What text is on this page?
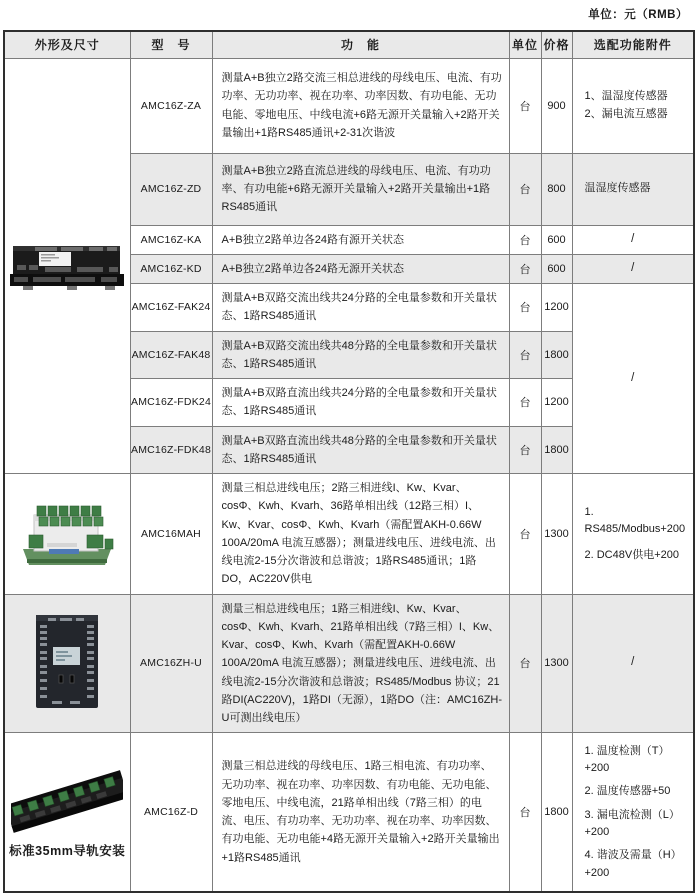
单位：元（RMB）
外形及尺寸	型　号	功　能	单位	价格	选配功能附件

	AMC16Z-ZA	测量A+B独立2路交流三相总进线的母线电压、电流、有功功率、无功功率、视在功率、功率因数、有功电能、无功电能、零地电压、中线电流+6路无源开关量输入+2路开关量输出+1路RS485通讯+2-31次谐波	台	900	1、温湿度传感器
2、漏电流互感器

	AMC16Z-ZD	测量A+B独立2路直流总进线的母线电压、电流、有功功率、有功电能+6路无源开关量输入+2路开关量输出+1路RS485通讯	台	800	温湿度传感器

	AMC16Z-KA	A+B独立2路单边各24路有源开关状态	台	600	/
	AMC16Z-KD	A+B独立2路单边各24路无源开关状态	台	600	/
	AMC16Z-FAK24	测量A+B双路交流出线共24分路的全电量参数和开关量状态、1路RS485通讯	台	1200	/
	AMC16Z-FAK48	测量A+B双路交流出线共48分路的全电量参数和开关量状态、1路RS485通讯	台	1800	
	AMC16Z-FDK24	测量A+B双路直流出线共24分路的全电量参数和开关量状态、1路RS485通讯	台	1200	
	AMC16Z-FDK48	测量A+B双路直流出线共48分路的全电量参数和开关量状态、1路RS485通讯	台	1800	

	AMC16MAH	测量三相总进线电压；2路三相进线I、Kw、Kvar、cosΦ、Kwh、Kvarh、36路单相出线（12路三相）I、Kw、Kvar、cosΦ、Kwh、Kvarh（需配置AKH-0.66W 100A/20mA 电流互感器）；测量进线电压、进线电流、出线电流2-15分次谐波和总谐波；1路RS485通讯；1路DO，AC220V供电	台	1300	1. RS485/Modbus+200
2. DC48V供电+200

	AMC16ZH-U	测量三相总进线电压；1路三相进线I、Kw、Kvar、cosΦ、Kwh、Kvarh、21路单相出线（7路三相）I、Kw、Kvar、cosΦ、Kwh、Kvarh（需配置AKH-0.66W 100A/20mA 电流互感器）；测量进线电压、进线电流、出线电流2-15分次谐波和总谐波；RS485/Modbus 协议；21路DI(AC220V)，1路DI（无源），1路DO（注：AMC16ZH-U可测出线电压）	台	1300	/

标准35mm导轨安装	AMC16Z-D	测量三相总进线的母线电压、1路三相电流、有功功率、无功功率、视在功率、功率因数、有功电能、无功电能、零地电压、中线电流，21路单相出线（7路三相）的电流、电压、有功功率、无功功率、视在功率、功率因数、有功电能、无功电能+4路无源开关量输入+2路开关量输出+1路RS485通讯	台	1800	1. 温度检测（T）+200
2. 温度传感器+50
3. 漏电流检测（L）+200
4. 谐波及需量（H）+200
